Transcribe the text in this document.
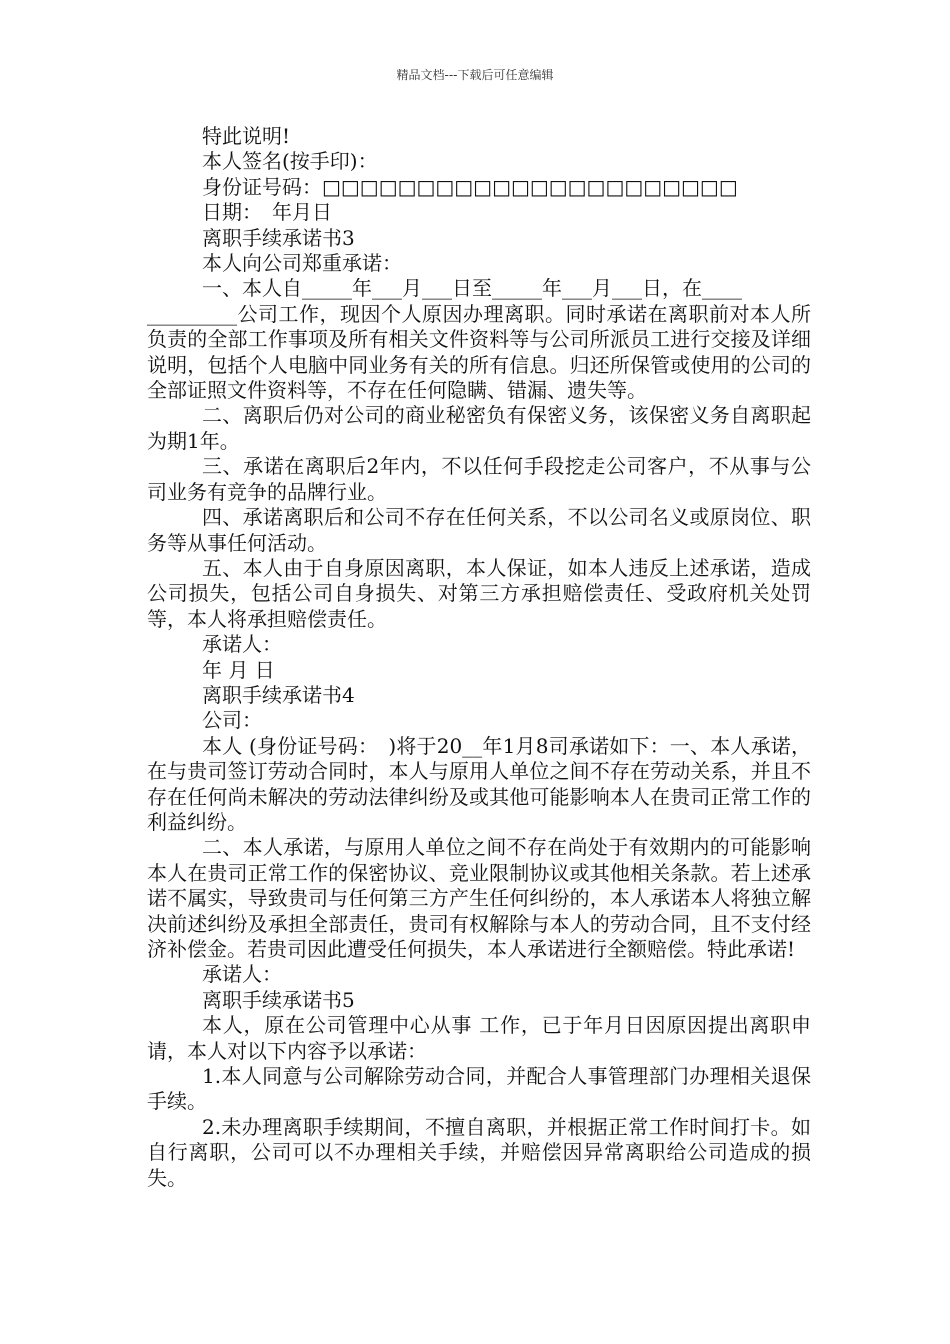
精品文档---下载后可任意编辑

特此说明!

本人签名(按手印)：

身份证号码：□□□□□□□□□□□□□□□□□□□□□□

日期：　年月日

离职手续承诺书3

本人向公司郑重承诺：

一、本人自_____年___月___日至_____年___月___日，在____

_________公司工作，现因个人原因办理离职。同时承诺在离职前对本人所负责的全部工作事项及所有相关文件资料等与公司所派员工进行交接及详细说明，包括个人电脑中同业务有关的所有信息。归还所保管或使用的公司的全部证照文件资料等，不存在任何隐瞒、错漏、遗失等。

二、离职后仍对公司的商业秘密负有保密义务，该保密义务自离职起为期1年。

三、承诺在离职后2年内，不以任何手段挖走公司客户，不从事与公司业务有竞争的品牌行业。

四、承诺离职后和公司不存在任何关系，不以公司名义或原岗位、职务等从事任何活动。

五、本人由于自身原因离职，本人保证，如本人违反上述承诺，造成公司损失，包括公司自身损失、对第三方承担赔偿责任、受政府机关处罚等，本人将承担赔偿责任。

承诺人：

年 月 日

离职手续承诺书4

公司：

本人 (身份证号码：　)将于20__年1月8司承诺如下：一、本人承诺，在与贵司签订劳动合同时，本人与原用人单位之间不存在劳动关系，并且不存在任何尚未解决的劳动法律纠纷及或其他可能影响本人在贵司正常工作的利益纠纷。

二、本人承诺，与原用人单位之间不存在尚处于有效期内的可能影响本人在贵司正常工作的保密协议、竞业限制协议或其他相关条款。若上述承诺不属实，导致贵司与任何第三方产生任何纠纷的，本人承诺本人将独立解决前述纠纷及承担全部责任，贵司有权解除与本人的劳动合同，且不支付经济补偿金。若贵司因此遭受任何损失，本人承诺进行全额赔偿。特此承诺!

承诺人：

离职手续承诺书5

本人，原在公司管理中心从事 工作，已于年月日因原因提出离职申请，本人对以下内容予以承诺：

1.本人同意与公司解除劳动合同，并配合人事管理部门办理相关退保手续。

2.未办理离职手续期间，不擅自离职，并根据正常工作时间打卡。如自行离职，公司可以不办理相关手续，并赔偿因异常离职给公司造成的损失。
